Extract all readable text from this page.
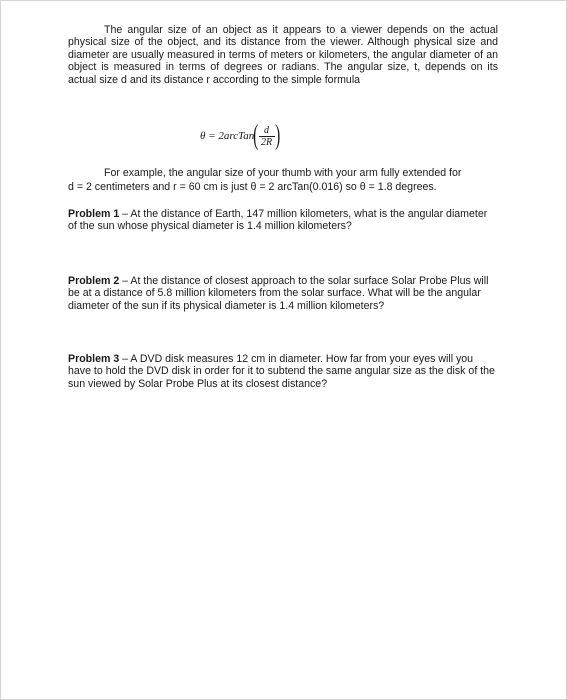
The angular size of an object as it appears to a viewer depends on the actual physical size of the object, and its distance from the viewer. Although physical size and diameter are usually measured in terms of meters or kilometers, the angular diameter of an object is measured in terms of degrees or radians. The angular size, t, depends on its actual size d and its distance r according to the simple formula

θ = 2arcTan ( $\frac{d}{2R}$ )
For example, the angular size of your thumb with your arm fully extended for
d = 2 centimeters and r = 60 cm is just θ = 2 arcTan(0.016) so θ = 1.8 degrees.
Problem 1 – At the distance of Earth, 147 million kilometers, what is the angular diameter of the sun whose physical diameter is 1.4 million kilometers?
Problem 2 – At the distance of closest approach to the solar surface Solar Probe Plus will be at a distance of 5.8 million kilometers from the solar surface. What will be the angular diameter of the sun if its physical diameter is 1.4 million kilometers?
Problem 3 – A DVD disk measures 12 cm in diameter. How far from your eyes will you have to hold the DVD disk in order for it to subtend the same angular size as the disk of the sun viewed by Solar Probe Plus at its closest distance?
